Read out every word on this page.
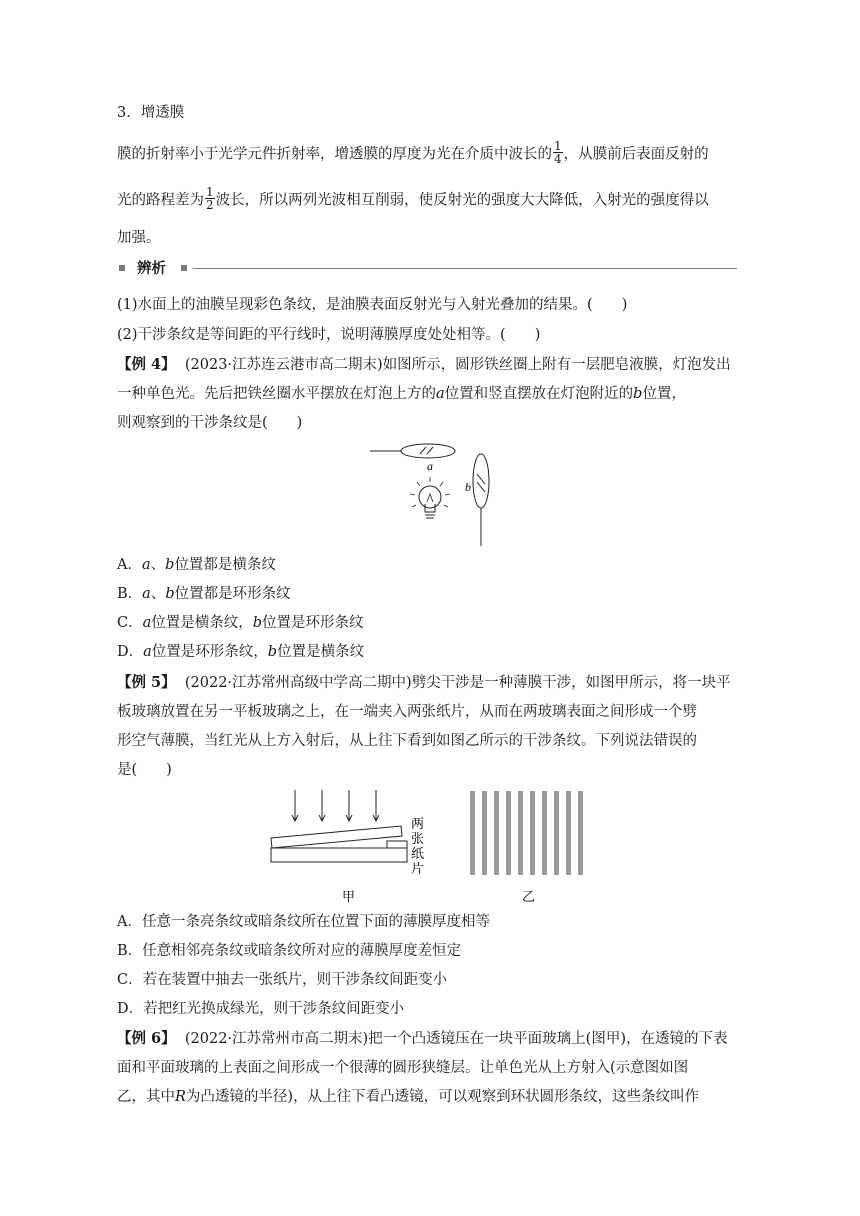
3．增透膜
膜的折射率小于光学元件折射率，增透膜的厚度为光在介质中波长的 $\frac{1}{4}$ ，从膜前后表面反射的
光的路程差为 $\frac{1}{2}$ 波长，所以两列光波相互削弱，使反射光的强度大大降低，入射光的强度得以
加强。
辨析
(1)水面上的油膜呈现彩色条纹，是油膜表面反射光与入射光叠加的结果。(　　)
(2)干涉条纹是等间距的平行线时，说明薄膜厚度处处相等。(　　)
【例 4】 (2023·江苏连云港市高二期末)如图所示，圆形铁丝圈上附有一层肥皂液膜，灯泡发出
一种单色光。先后把铁丝圈水平摆放在灯泡上方的a位置和竖直摆放在灯泡附近的b位置，
则观察到的干涉条纹是(　　)
a
b
A．a、b位置都是横条纹
B．a、b位置都是环形条纹
C．a位置是横条纹，b位置是环形条纹
D．a位置是环形条纹，b位置是横条纹
【例 5】 (2022·江苏常州高级中学高二期中)劈尖干涉是一种薄膜干涉，如图甲所示，将一块平
板玻璃放置在另一平板玻璃之上，在一端夹入两张纸片，从而在两玻璃表面之间形成一个劈
形空气薄膜，当红光从上方入射后，从上往下看到如图乙所示的干涉条纹。下列说法错误的
是(　　)
两
张
纸
片
甲	乙
A．任意一条亮条纹或暗条纹所在位置下面的薄膜厚度相等
B．任意相邻亮条纹或暗条纹所对应的薄膜厚度差恒定
C．若在装置中抽去一张纸片，则干涉条纹间距变小
D．若把红光换成绿光，则干涉条纹间距变小
【例 6】 (2022·江苏常州市高二期末)把一个凸透镜压在一块平面玻璃上(图甲)，在透镜的下表
面和平面玻璃的上表面之间形成一个很薄的圆形狭缝层。让单色光从上方射入(示意图如图
乙，其中R为凸透镜的半径)，从上往下看凸透镜，可以观察到环状圆形条纹，这些条纹叫作
